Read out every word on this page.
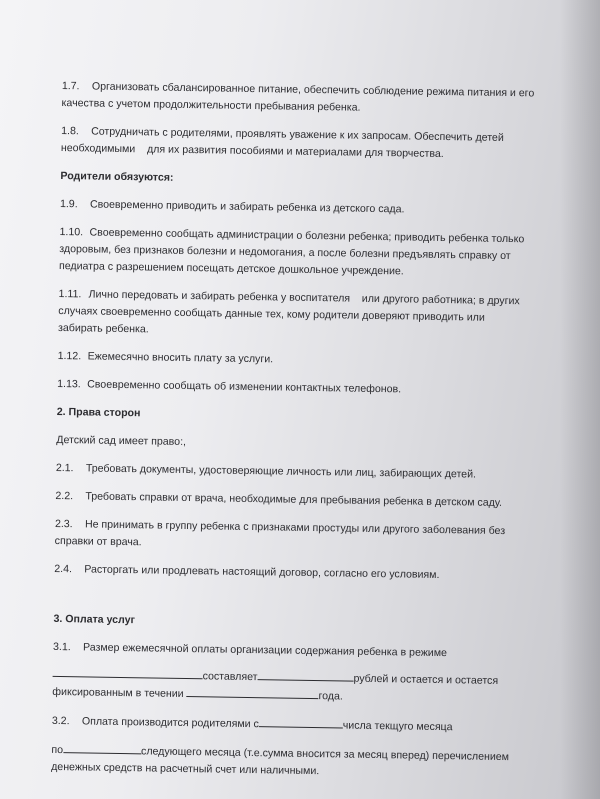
1.7. Организовать сбалансированное питание, обеспечить соблюдение режима питания и его качества с учетом продолжительности пребывания ребенка.
1.8. Сотрудничать с родителями, проявлять уважение к их запросам. Обеспечить детей необходимыми    для их развития пособиями и материалами для творчества.
Родители обязуются:
1.9. Своевременно приводить и забирать ребенка из детского сада.
1.10. Своевременно сообщать администрации о болезни ребенка; приводить ребенка только здоровым, без признаков болезни и недомогания, а после болезни предъявлять справку от педиатра с разрешением посещать детское дошкольное учреждение.
1.11. Лично передовать и забирать ребенка у воспитателя    или другого работника; в других случаях своевременно сообщать данные тех, кому родители доверяют приводить или забирать ребенка.
1.12. Ежемесячно вносить плату за услуги.
1.13. Своевременно сообщать об изменении контактных телефонов.
2. Права сторон
Детский сад имеет право:,
2.1. Требовать документы, удостоверяющие личность или лиц, забирающих детей.
2.2. Требовать справки от врача, необходимые для пребывания ребенка в детском саду.
2.3. Не принимать в группу ребенка с признаками простуды или другого заболевания без справки от врача.
2.4. Расторгать или продлевать настоящий договор, согласно его условиям.
3. Оплата услуг
3.1. Размер ежемесячной оплаты организации содержания ребенка в режиме
составляет	рублей и остается и остается
фиксированным в течении	года.
3.2. Оплата производится родителями с	числа текщуго месяца
по	следующего месяца (т.е.сумма вносится за месяц вперед) перечислением денежных средств на расчетный счет или наличными.
